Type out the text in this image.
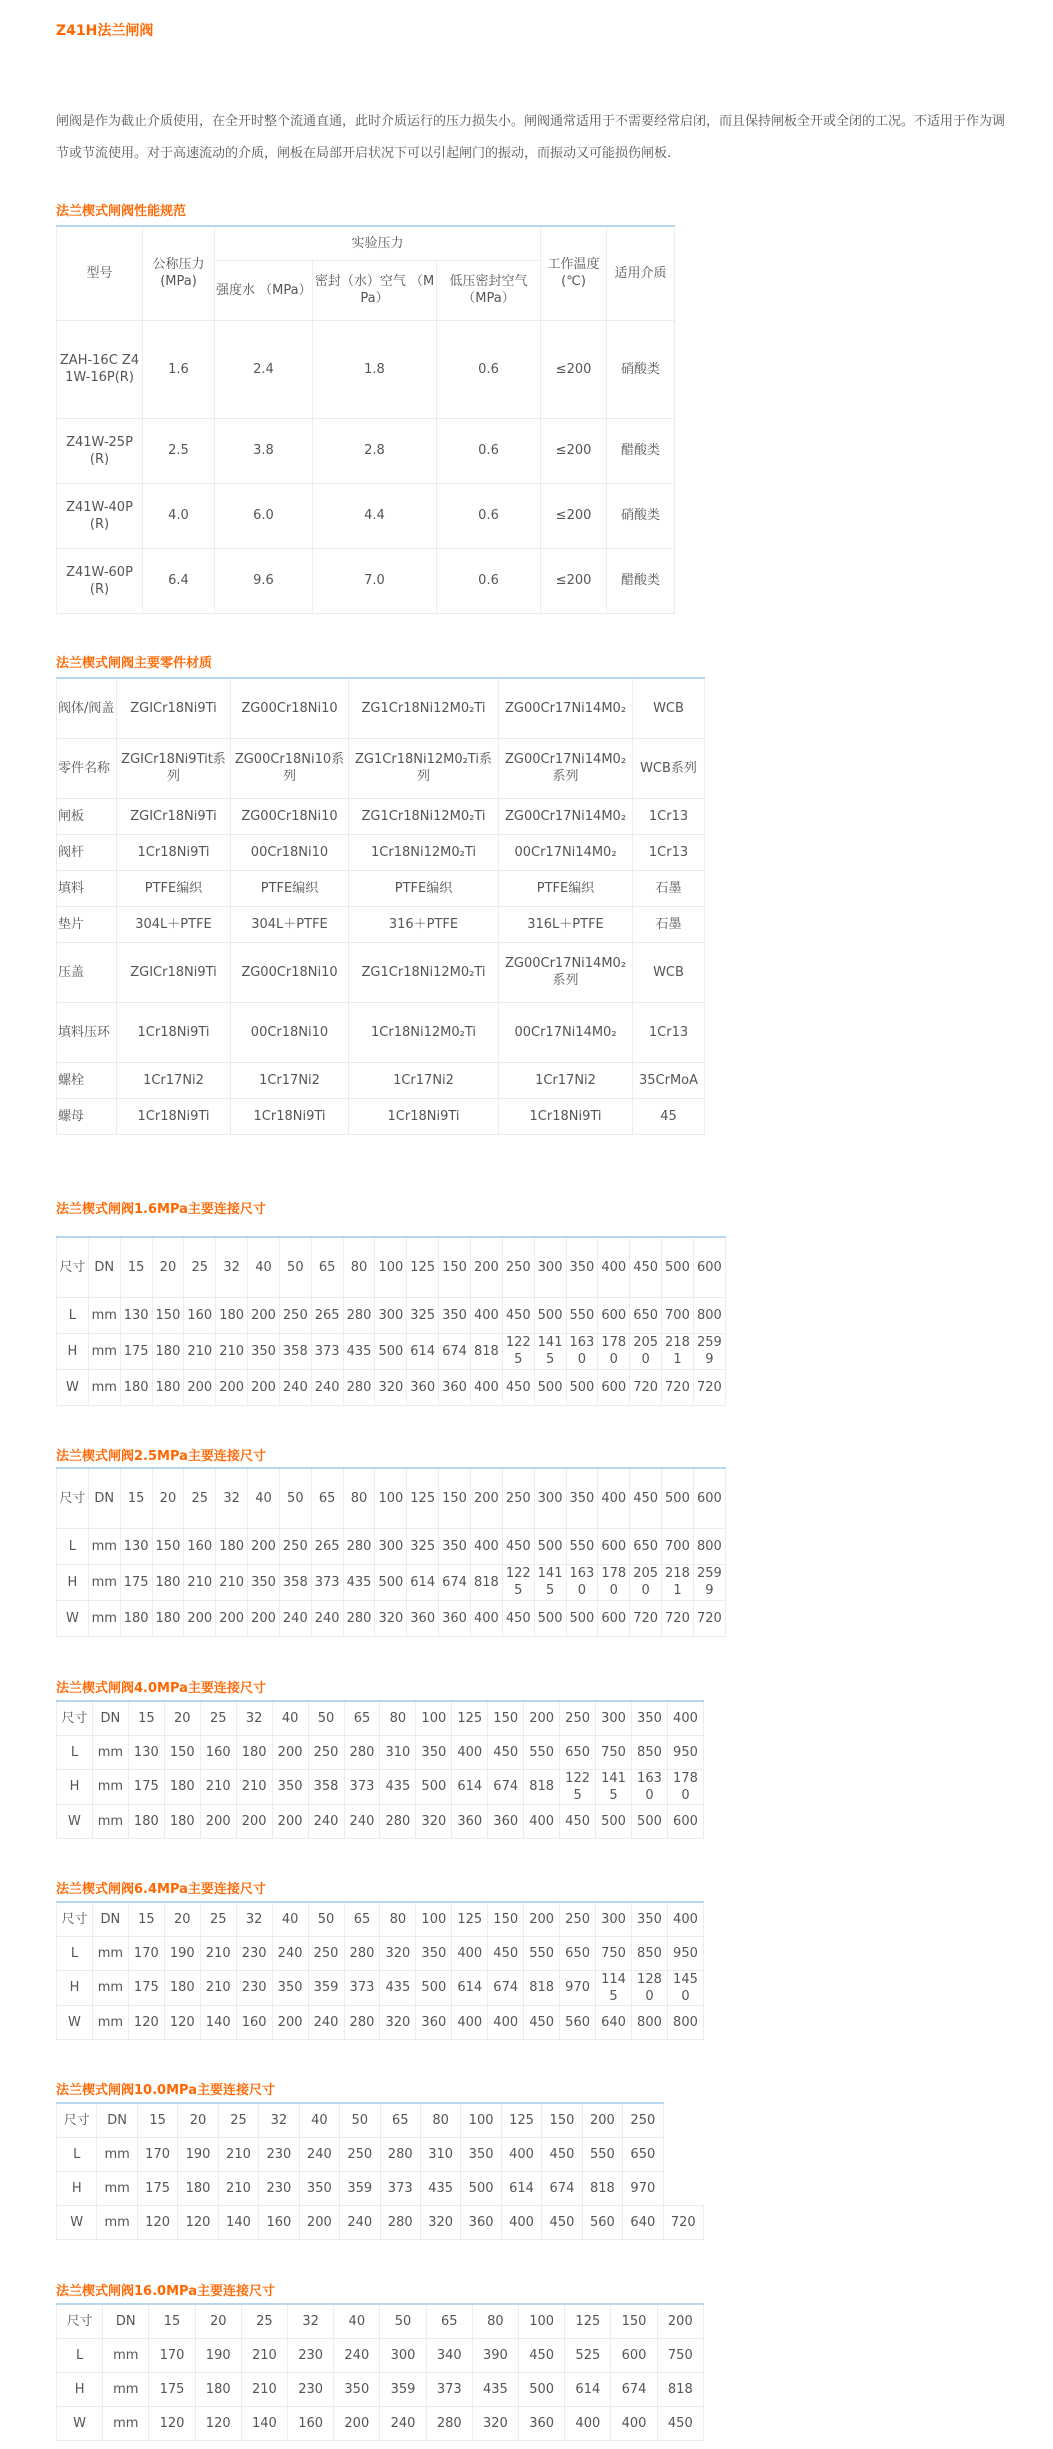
Z41H法兰闸阀
闸阀是作为截止介质使用，在全开时整个流通直通，此时介质运行的压力损失小。闸阀通常适用于不需要经常启闭，而且保持闸板全开或全闭的工况。不适用于作为调节或节流使用。对于高速流动的介质，闸板在局部开启状况下可以引起闸门的振动，而振动又可能损伤闸板.
法兰楔式闸阀性能规范
型号	公称压力 (MPa)	实验压力			工作温度 (℃)	适用介质
		强度水 （MPa）	密封（水）空气 （MPa）	低压密封空气 （MPa）		
ZAH-16C Z41W-16P(R)	1.6	2.4	1.8	0.6	≤200	硝酸类
Z41W-25P(R)	2.5	3.8	2.8	0.6	≤200	醋酸类
Z41W-40P(R)	4.0	6.0	4.4	0.6	≤200	硝酸类
Z41W-60P(R)	6.4	9.6	7.0	0.6	≤200	醋酸类
法兰楔式闸阀主要零件材质
阀体/阀盖	ZGICr18Ni9Ti	ZG00Cr18Ni10	ZG1Cr18Ni12M0₂Ti	ZG00Cr17Ni14M0₂	WCB
零件名称	ZGICr18Ni9Tit系列	ZG00Cr18Ni10系列	ZG1Cr18Ni12M0₂Ti系列	ZG00Cr17Ni14M0₂系列	WCB系列
闸板	ZGICr18Ni9Ti	ZG00Cr18Ni10	ZG1Cr18Ni12M0₂Ti	ZG00Cr17Ni14M0₂	1Cr13
阀杆	1Cr18Ni9Ti	00Cr18Ni10	1Cr18Ni12M0₂Ti	00Cr17Ni14M0₂	1Cr13
填料	PTFE编织	PTFE编织	PTFE编织	PTFE编织	石墨
垫片	304L＋PTFE	304L＋PTFE	316＋PTFE	316L＋PTFE	石墨
压盖	ZGICr18Ni9Ti	ZG00Cr18Ni10	ZG1Cr18Ni12M0₂Ti	ZG00Cr17Ni14M0₂系列	WCB
填料压环	1Cr18Ni9Ti	00Cr18Ni10	1Cr18Ni12M0₂Ti	00Cr17Ni14M0₂	1Cr13
螺栓	1Cr17Ni2	1Cr17Ni2	1Cr17Ni2	1Cr17Ni2	35CrMoA
螺母	1Cr18Ni9Ti	1Cr18Ni9Ti	1Cr18Ni9Ti	1Cr18Ni9Ti	45
法兰楔式闸阀1.6MPa主要连接尺寸
尺寸	DN	15	20	25	32	40	50	65	80	100	125	150	200	250	300	350	400	450	500	600
L	mm	130	150	160	180	200	250	265	280	300	325	350	400	450	500	550	600	650	700	800
H	mm	175	180	210	210	350	358	373	435	500	614	674	818	1225	1415	1630	1780	2050	2181	2599
W	mm	180	180	200	200	200	240	240	280	320	360	360	400	450	500	500	600	720	720	720
法兰楔式闸阀2.5MPa主要连接尺寸
尺寸	DN	15	20	25	32	40	50	65	80	100	125	150	200	250	300	350	400	450	500	600
L	mm	130	150	160	180	200	250	265	280	300	325	350	400	450	500	550	600	650	700	800
H	mm	175	180	210	210	350	358	373	435	500	614	674	818	1225	1415	1630	1780	2050	2181	2599
W	mm	180	180	200	200	200	240	240	280	320	360	360	400	450	500	500	600	720	720	720
法兰楔式闸阀4.0MPa主要连接尺寸
尺寸	DN	15	20	25	32	40	50	65	80	100	125	150	200	250	300	350	400
L	mm	130	150	160	180	200	250	280	310	350	400	450	550	650	750	850	950
H	mm	175	180	210	210	350	358	373	435	500	614	674	818	1225	1415	1630	1780
W	mm	180	180	200	200	200	240	240	280	320	360	360	400	450	500	500	600
法兰楔式闸阀6.4MPa主要连接尺寸
尺寸	DN	15	20	25	32	40	50	65	80	100	125	150	200	250	300	350	400
L	mm	170	190	210	230	240	250	280	320	350	400	450	550	650	750	850	950
H	mm	175	180	210	230	350	359	373	435	500	614	674	818	970	1145	1280	1450
W	mm	120	120	140	160	200	240	280	320	360	400	400	450	560	640	800	800
法兰楔式闸阀10.0MPa主要连接尺寸
尺寸	DN	15	20	25	32	40	50	65	80	100	125	150	200	250	
L	mm	170	190	210	230	240	250	280	310	350	400	450	550	650	
H	mm	175	180	210	230	350	359	373	435	500	614	674	818	970	
W	mm	120	120	140	160	200	240	280	320	360	400	450	560	640	720
法兰楔式闸阀16.0MPa主要连接尺寸
尺寸	DN	15	20	25	32	40	50	65	80	100	125	150	200
L	mm	170	190	210	230	240	300	340	390	450	525	600	750
H	mm	175	180	210	230	350	359	373	435	500	614	674	818
W	mm	120	120	140	160	200	240	280	320	360	400	400	450
